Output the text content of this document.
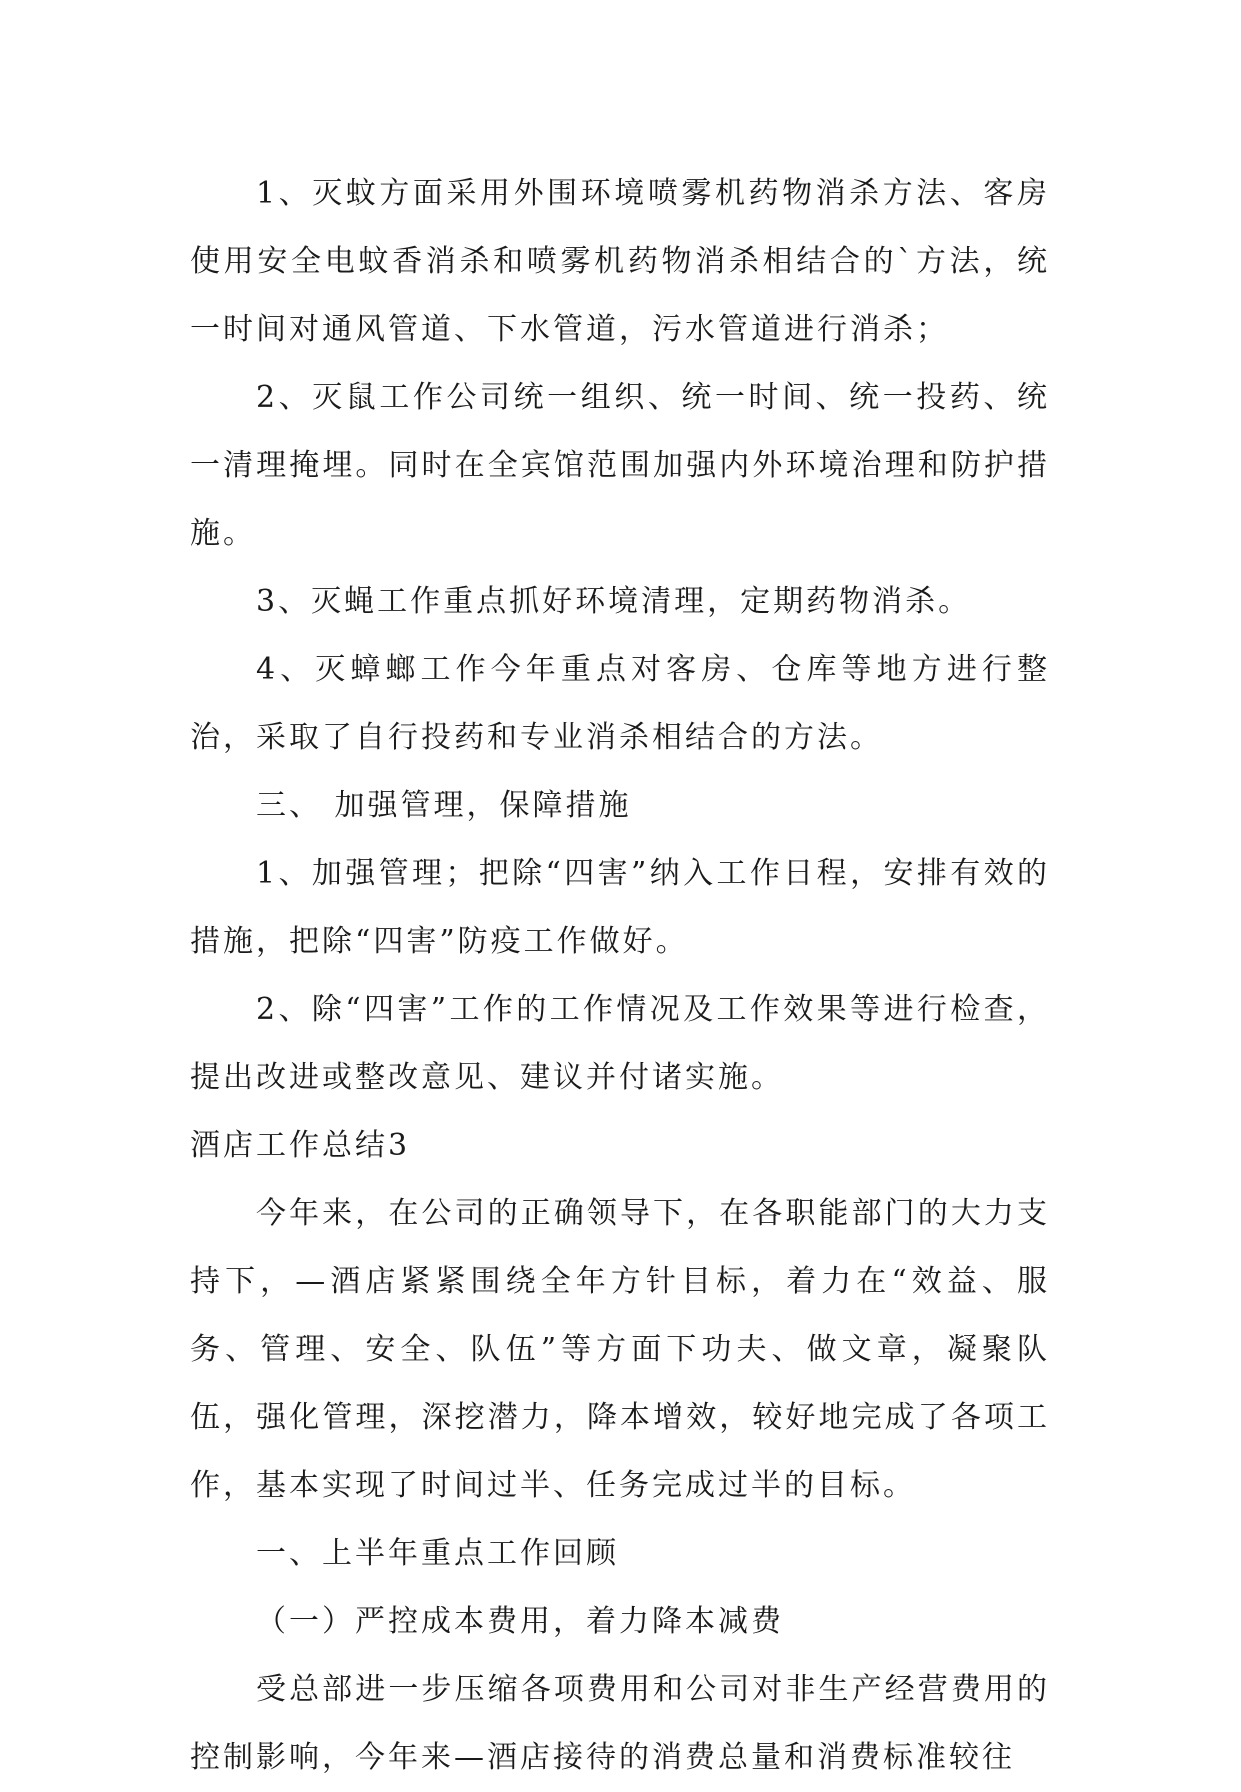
1、灭蚊方面采用外围环境喷雾机药物消杀方法、客房使用安全电蚊香消杀和喷雾机药物消杀相结合的`方法，统一时间对通风管道、下水管道，污水管道进行消杀；

2、灭鼠工作公司统一组织、统一时间、统一投药、统一清理掩埋。同时在全宾馆范围加强内外环境治理和防护措施。

3、灭蝇工作重点抓好环境清理，定期药物消杀。

4、灭蟑螂工作今年重点对客房、仓库等地方进行整治，采取了自行投药和专业消杀相结合的方法。

三、 加强管理，保障措施

1、加强管理；把除“四害”纳入工作日程，安排有效的措施，把除“四害”防疫工作做好。

2、除“四害”工作的工作情况及工作效果等进行检查，提出改进或整改意见、建议并付诸实施。

酒店工作总结3

今年来，在公司的正确领导下，在各职能部门的大力支持下，—酒店紧紧围绕全年方针目标，着力在“效益、服务、管理、安全、队伍”等方面下功夫、做文章，凝聚队伍，强化管理，深挖潜力，降本增效，较好地完成了各项工作，基本实现了时间过半、任务完成过半的目标。

一、上半年重点工作回顾

（一）严控成本费用，着力降本减费

受总部进一步压缩各项费用和公司对非生产经营费用的控制影响，今年来—酒店接待的消费总量和消费标准较往
